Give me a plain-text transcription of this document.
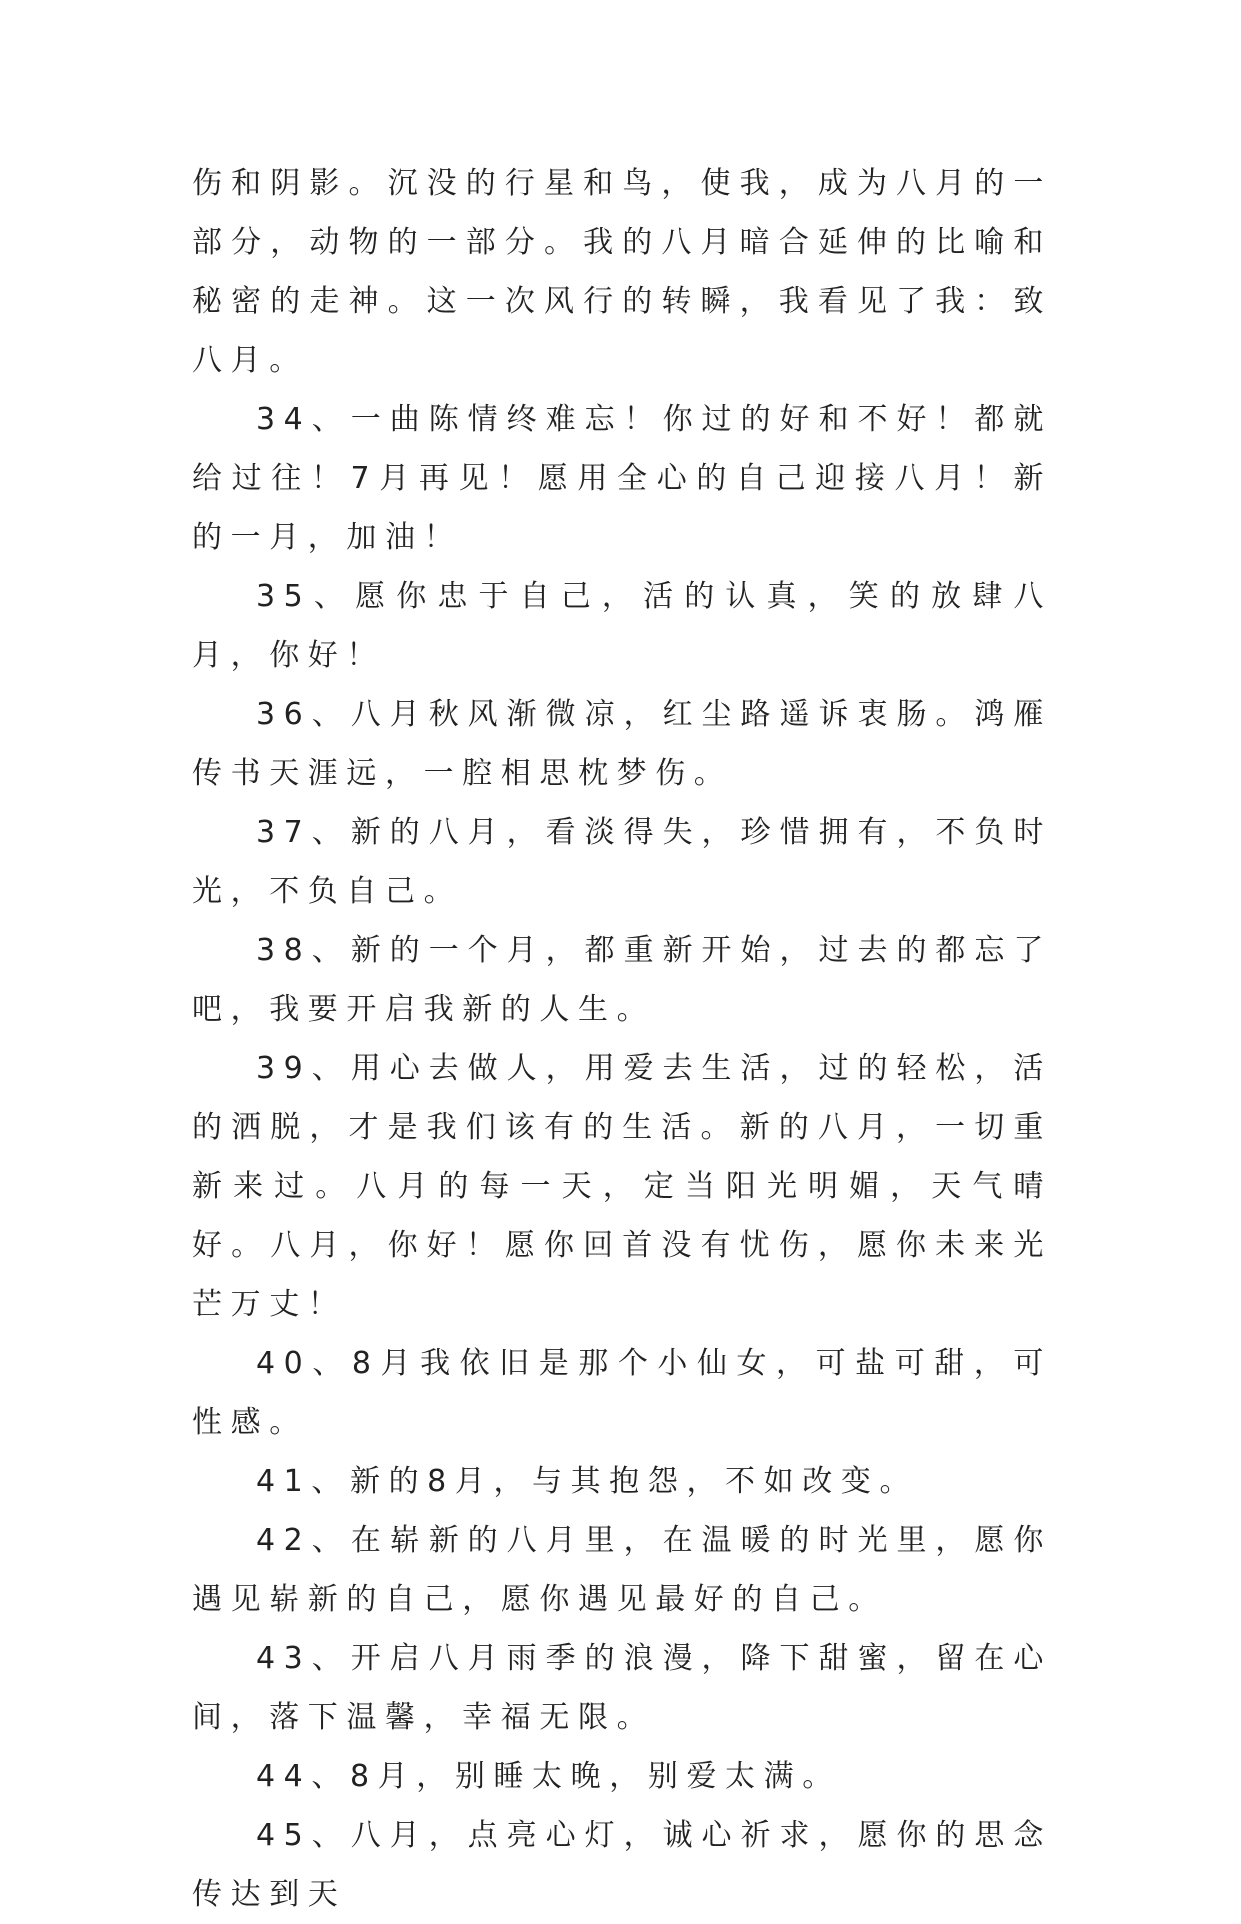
伤和阴影。沉没的行星和鸟，使我，成为八月的一部分，动物的一部分。我的八月暗合延伸的比喻和秘密的走神。这一次风行的转瞬，我看见了我：致八月。

34、一曲陈情终难忘！你过的好和不好！都就给过往！7月再见！愿用全心的自己迎接八月！新的一月，加油！

35、愿你忠于自己，活的认真，笑的放肆八月，你好！

36、八月秋风渐微凉，红尘路遥诉衷肠。鸿雁传书天涯远，一腔相思枕梦伤。

37、新的八月，看淡得失，珍惜拥有，不负时光，不负自己。

38、新的一个月，都重新开始，过去的都忘了吧，我要开启我新的人生。

39、用心去做人，用爱去生活，过的轻松，活的洒脱，才是我们该有的生活。新的八月，一切重新来过。八月的每一天，定当阳光明媚，天气晴好。八月，你好！愿你回首没有忧伤，愿你未来光芒万丈！

40、8月我依旧是那个小仙女，可盐可甜，可性感。

41、新的8月，与其抱怨，不如改变。

42、在崭新的八月里，在温暖的时光里，愿你遇见崭新的自己，愿你遇见最好的自己。

43、开启八月雨季的浪漫，降下甜蜜，留在心间，落下温馨，幸福无限。

44、8月，别睡太晚，别爱太满。

45、八月，点亮心灯，诚心祈求，愿你的思念传达到天
